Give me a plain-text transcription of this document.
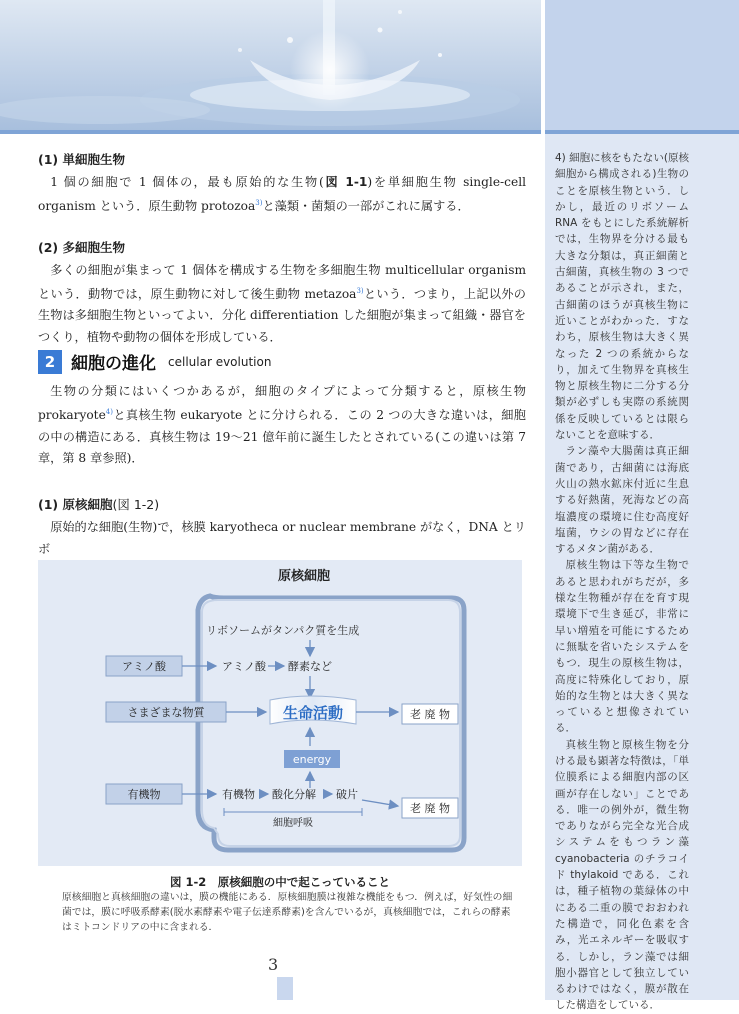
4) 細胞に核をもたない(原核細胞から構成される)生物のことを原核生物という．しかし，最近のリボソームRNA をもとにした系統解析では，生物界を分ける最も大きな分類は，真正細菌と古細菌，真核生物の 3 つであることが示され，また，古細菌のほうが真核生物に近いことがわかった．すなわち，原核生物は大きく異なった 2 つの系統からなり，加えて生物界を真核生物と原核生物に二分する分類が必ずしも実際の系統関係を反映しているとは限らないことを意味する．

ラン藻や大腸菌は真正細菌であり，古細菌には海底火山の熱水鉱床付近に生息する好熱菌，死海などの高塩濃度の環境に住む高度好塩菌，ウシの胃などに存在するメタン菌がある．

原核生物は下等な生物であると思われがちだが，多様な生物種が存在を育す現環境下で生き延び，非常に早い増殖を可能にするために無駄を省いたシステムをもつ．現生の原核生物は，高度に特殊化しており，原始的な生物とは大きく異なっていると想像されている．

真核生物と原核生物を分ける最も顕著な特徴は，「単位膜系による細胞内部の区画が存在しない」ことである．唯一の例外が，微生物でありながら完全な光合成システムをもつラン藻 cyanobacteria のチラコイド thylakoid である．これは，種子植物の葉緑体の中にある二重の膜でおおわれた構造で，同化色素を含み，光エネルギーを吸収する．しかし，ラン藻では細胞小器官として独立しているわけではなく，膜が散在した構造をしている．

(1) 単細胞生物

1 個の細胞で 1 個体の，最も原始的な生物(図 1-1)を単細胞生物 single-cell organism という．原生動物 protozoa$^{3)}$と藻類・菌類の一部がこれに属する．

(2) 多細胞生物

多くの細胞が集まって 1 個体を構成する生物を多細胞生物 multicellular organism という．動物では，原生動物に対して後生動物 metazoa$^{3)}$という．つまり，上記以外の生物は多細胞生物といってよい．分化 differentiation した細胞が集まって組織・器官をつくり，植物や動物の個体を形成している．

2 細胞の進化 cellular evolution

生物の分類にはいくつかあるが，細胞のタイプによって分類すると，原核生物 prokaryote$^{4)}$と真核生物 eukaryote とに分けられる．この 2 つの大きな違いは，細胞の中の構造にある．真核生物は 19〜21 億年前に誕生したとされている(この違いは第 7 章，第 8 章参照)．

(1) 原核細胞(図 1-2)

原始的な細胞(生物)で，核膜 karyotheca or nuclear membrane がなく，DNA とリボ

原核細胞
リボソームがタンパク質を生成
アミノ酸
さまざまな物質
有機物
アミノ酸 酵素など
生命活動	老 廃 物
energy
有機物 酸化分解 破片
老 廃 物
細胞呼吸
図 1-2　原核細胞の中で起こっていること
原核細胞と真核細胞の違いは，膜の機能にある．原核細胞膜は複雑な機能をもつ．例えば，好気性の細菌では，膜に呼吸系酵素(脱水素酵素や電子伝達系酵素)を含んでいるが，真核細胞では，これらの酵素はミトコンドリアの中に含まれる．
3
